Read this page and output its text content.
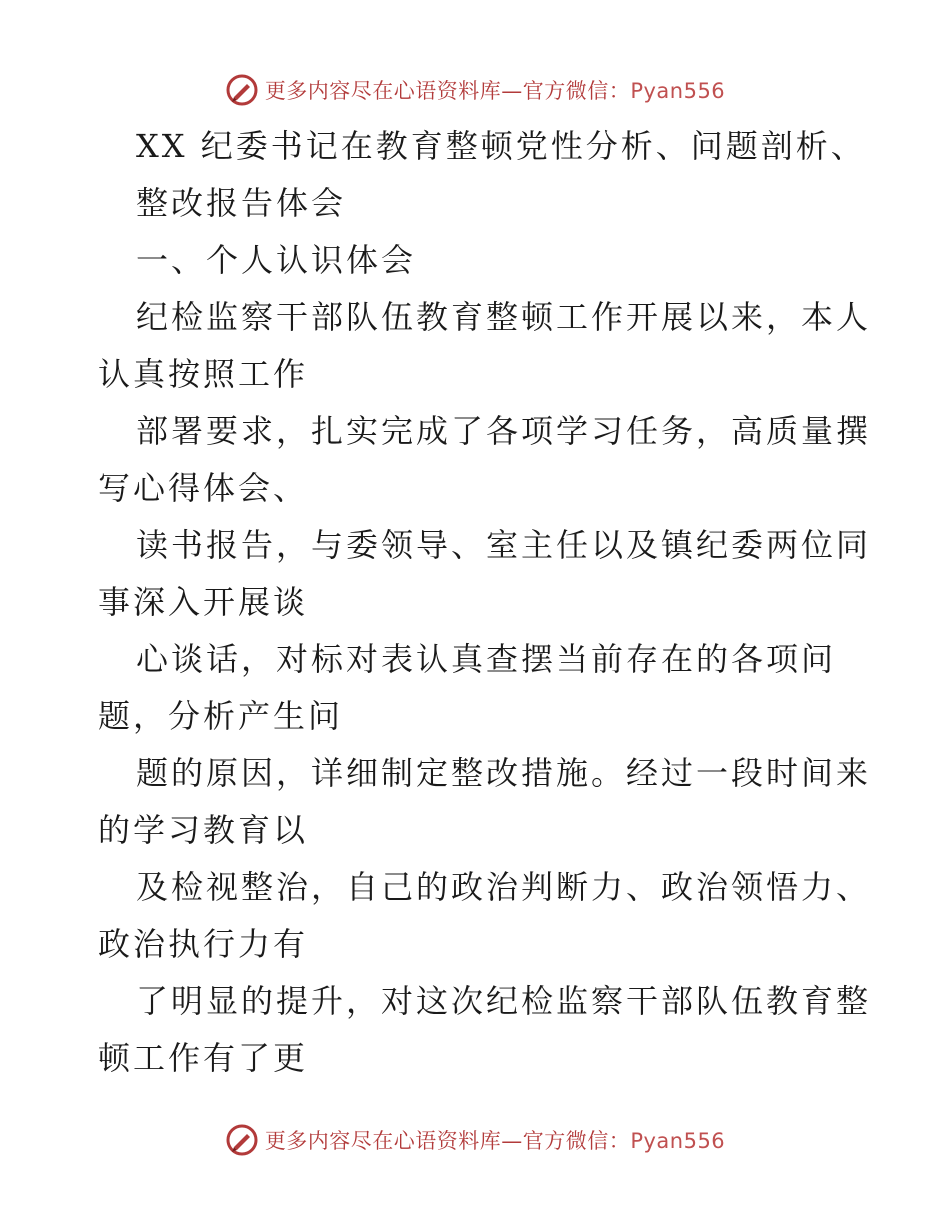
更多内容尽在心语资料库—官方微信：Pyan556
XX 纪委书记在教育整顿党性分析、问题剖析、
整改报告体会
一、个人认识体会
纪检监察干部队伍教育整顿工作开展以来，本人
认真按照工作
部署要求，扎实完成了各项学习任务，高质量撰
写心得体会、
读书报告，与委领导、室主任以及镇纪委两位同
事深入开展谈
心谈话，对标对表认真查摆当前存在的各项问
题，分析产生问
题的原因，详细制定整改措施。经过一段时间来
的学习教育以
及检视整治，自己的政治判断力、政治领悟力、
政治执行力有
了明显的提升，对这次纪检监察干部队伍教育整
顿工作有了更
更多内容尽在心语资料库—官方微信：Pyan556
